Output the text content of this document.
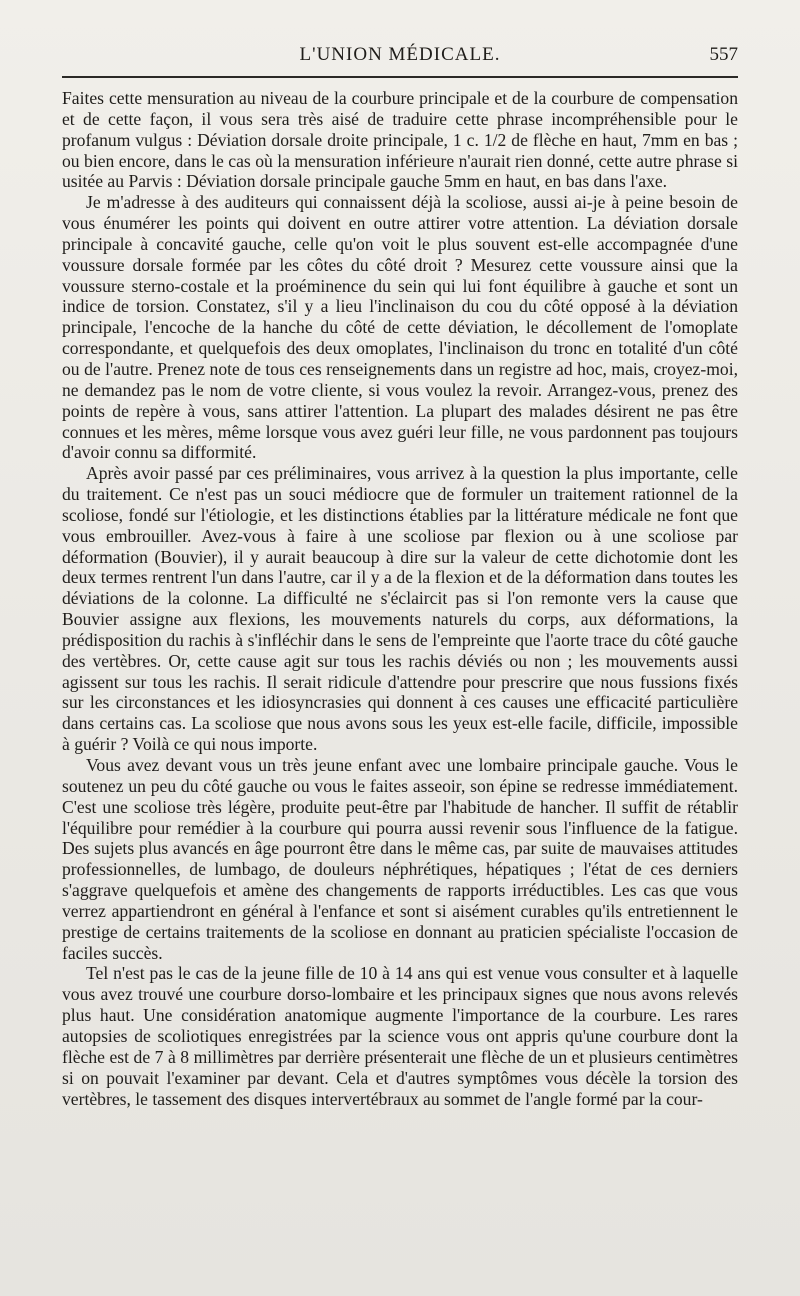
L'UNION MÉDICALE.	557

Faites cette mensuration au niveau de la courbure principale et de la courbure de compensation et de cette façon, il vous sera très aisé de traduire cette phrase incompréhensible pour le profanum vulgus : Déviation dorsale droite principale, 1 c. 1/2 de flèche en haut, 7mm en bas ; ou bien encore, dans le cas où la mensuration inférieure n'aurait rien donné, cette autre phrase si usitée au Parvis : Déviation dorsale principale gauche 5mm en haut, en bas dans l'axe.

Je m'adresse à des auditeurs qui connaissent déjà la scoliose, aussi ai-je à peine besoin de vous énumérer les points qui doivent en outre attirer votre attention. La déviation dorsale principale à concavité gauche, celle qu'on voit le plus souvent est-elle accompagnée d'une voussure dorsale formée par les côtes du côté droit ? Mesurez cette voussure ainsi que la voussure sterno-costale et la proéminence du sein qui lui font équilibre à gauche et sont un indice de torsion. Constatez, s'il y a lieu l'inclinaison du cou du côté opposé à la déviation principale, l'encoche de la hanche du côté de cette déviation, le décollement de l'omoplate correspondante, et quelquefois des deux omoplates, l'inclinaison du tronc en totalité d'un côté ou de l'autre. Prenez note de tous ces renseignements dans un registre ad hoc, mais, croyez-moi, ne demandez pas le nom de votre cliente, si vous voulez la revoir. Arrangez-vous, prenez des points de repère à vous, sans attirer l'attention. La plupart des malades désirent ne pas être connues et les mères, même lorsque vous avez guéri leur fille, ne vous pardonnent pas toujours d'avoir connu sa difformité.

Après avoir passé par ces préliminaires, vous arrivez à la question la plus importante, celle du traitement. Ce n'est pas un souci médiocre que de formuler un traitement rationnel de la scoliose, fondé sur l'étiologie, et les distinctions établies par la littérature médicale ne font que vous embrouiller. Avez-vous à faire à une scoliose par flexion ou à une scoliose par déformation (Bouvier), il y aurait beaucoup à dire sur la valeur de cette dichotomie dont les deux termes rentrent l'un dans l'autre, car il y a de la flexion et de la déformation dans toutes les déviations de la colonne. La difficulté ne s'éclaircit pas si l'on remonte vers la cause que Bouvier assigne aux flexions, les mouvements naturels du corps, aux déformations, la prédisposition du rachis à s'infléchir dans le sens de l'empreinte que l'aorte trace du côté gauche des vertèbres. Or, cette cause agit sur tous les rachis déviés ou non ; les mouvements aussi agissent sur tous les rachis. Il serait ridicule d'attendre pour prescrire que nous fussions fixés sur les circonstances et les idiosyncrasies qui donnent à ces causes une efficacité particulière dans certains cas. La scoliose que nous avons sous les yeux est-elle facile, difficile, impossible à guérir ? Voilà ce qui nous importe.

Vous avez devant vous un très jeune enfant avec une lombaire principale gauche. Vous le soutenez un peu du côté gauche ou vous le faites asseoir, son épine se redresse immédiatement. C'est une scoliose très légère, produite peut-être par l'habitude de hancher. Il suffit de rétablir l'équilibre pour remédier à la courbure qui pourra aussi revenir sous l'influence de la fatigue. Des sujets plus avancés en âge pourront être dans le même cas, par suite de mauvaises attitudes professionnelles, de lumbago, de douleurs néphrétiques, hépatiques ; l'état de ces derniers s'aggrave quelquefois et amène des changements de rapports irréductibles. Les cas que vous verrez appartiendront en général à l'enfance et sont si aisément curables qu'ils entretiennent le prestige de certains traitements de la scoliose en donnant au praticien spécialiste l'occasion de faciles succès.

Tel n'est pas le cas de la jeune fille de 10 à 14 ans qui est venue vous consulter et à laquelle vous avez trouvé une courbure dorso-lombaire et les principaux signes que nous avons relevés plus haut. Une considération anatomique augmente l'importance de la courbure. Les rares autopsies de scoliotiques enregistrées par la science vous ont appris qu'une courbure dont la flèche est de 7 à 8 millimètres par derrière présenterait une flèche de un et plusieurs centimètres si on pouvait l'examiner par devant. Cela et d'autres symptômes vous décèle la torsion des vertèbres, le tassement des disques intervertébraux au sommet de l'angle formé par la cour-
